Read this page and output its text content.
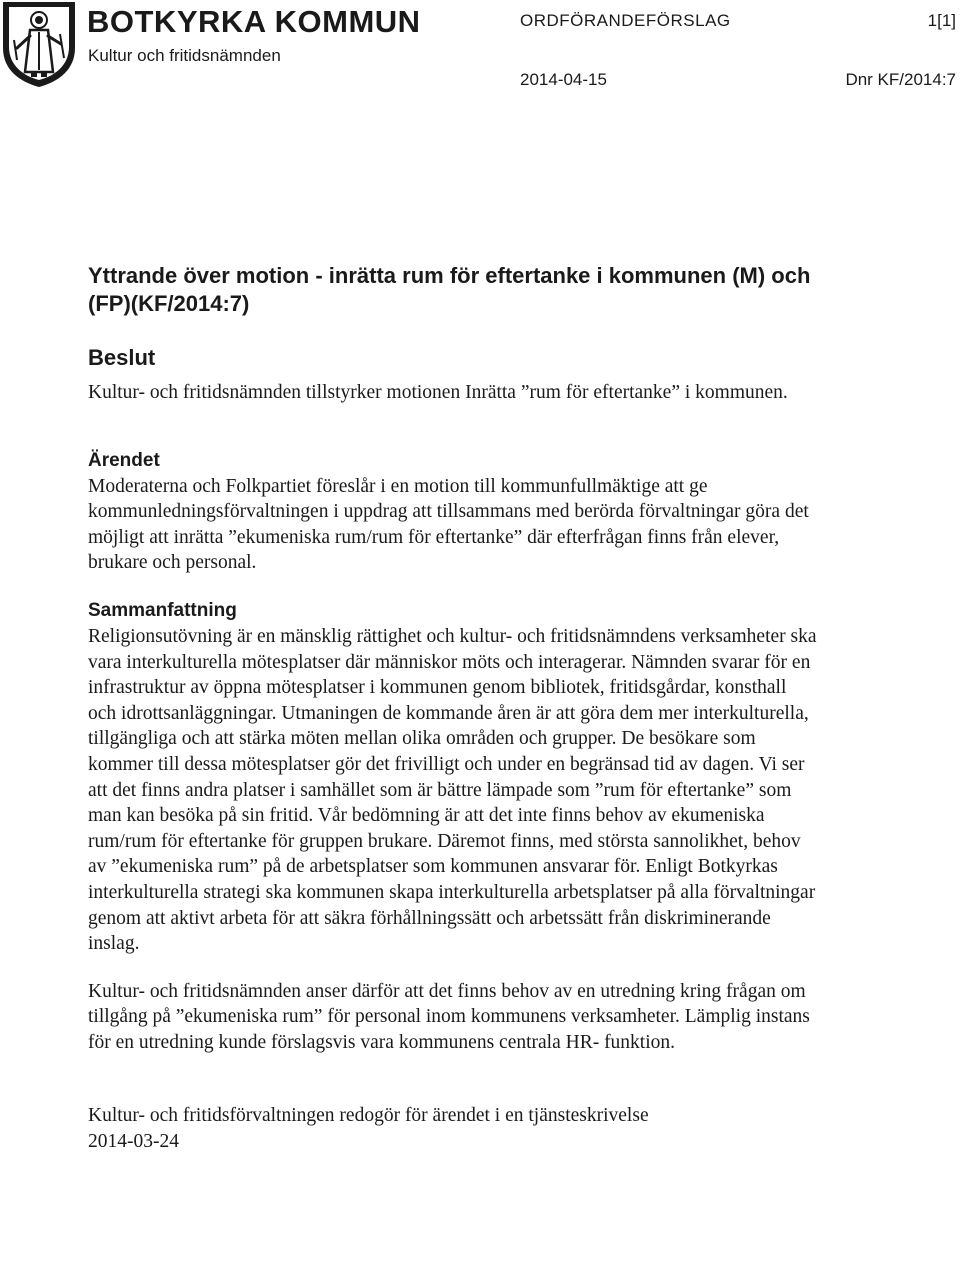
BOTKYRKA KOMMUN
Kultur och fritidsnämnden
ORDFÖRANDEFÖRSLAG	1[1]
2014-04-15	Dnr KF/2014:7
Yttrande över motion - inrätta rum för eftertanke i kommunen (M) och (FP)(KF/2014:7)
Beslut

Kultur- och fritidsnämnden tillstyrker motionen Inrätta ”rum för eftertanke” i kommunen.

Ärendet

Moderaterna och Folkpartiet föreslår i en motion till kommunfullmäktige att ge kommunledningsförvaltningen i uppdrag att tillsammans med berörda förvaltningar göra det möjligt att inrätta ”ekumeniska rum/rum för eftertanke” där efterfrågan finns från elever, brukare och personal.

Sammanfattning

Religionsutövning är en mänsklig rättighet och kultur- och fritidsnämndens verksamheter ska vara interkulturella mötesplatser där människor möts och interagerar. Nämnden svarar för en infrastruktur av öppna mötesplatser i kommunen genom bibliotek, fritidsgårdar, konsthall och idrottsanläggningar. Utmaningen de kommande åren är att göra dem mer interkulturella, tillgängliga och att stärka möten mellan olika områden och grupper. De besökare som kommer till dessa mötesplatser gör det frivilligt och under en begränsad tid av dagen. Vi ser att det finns andra platser i samhället som är bättre lämpade som ”rum för eftertanke” som man kan besöka på sin fritid. Vår bedömning är att det inte finns behov av ekumeniska rum/rum för eftertanke för gruppen brukare. Däremot finns, med största sannolikhet, behov av ”ekumeniska rum” på de arbetsplatser som kommunen ansvarar för. Enligt Botkyrkas interkulturella strategi ska kommunen skapa interkulturella arbetsplatser på alla förvaltningar genom att aktivt arbeta för att säkra förhållningssätt och arbetssätt från diskriminerande inslag.

Kultur- och fritidsnämnden anser därför att det finns behov av en utredning kring frågan om tillgång på ”ekumeniska rum” för personal inom kommunens verksamheter. Lämplig instans för en utredning kunde förslagsvis vara kommunens centrala HR- funktion.

Kultur- och fritidsförvaltningen redogör för ärendet i en tjänsteskrivelse

2014-03-24
